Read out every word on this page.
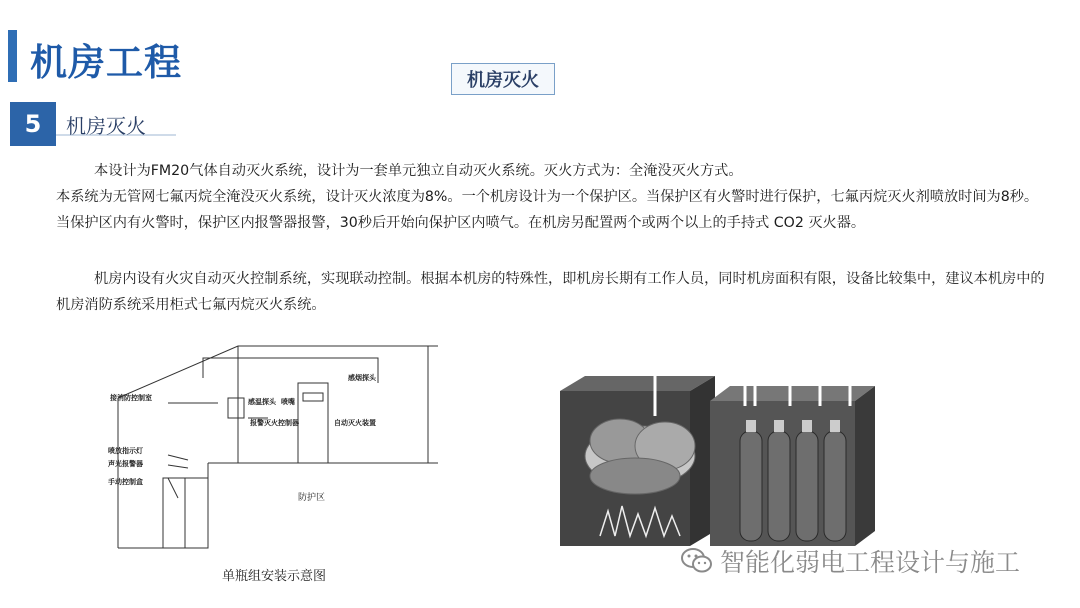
机房工程	机房灭火
5	机房灭火

本设计为FM20气体自动灭火系统，设计为一套单元独立自动灭火系统。灭火方式为：全淹没灭火方式。

本系统为无管网七氟丙烷全淹没灭火系统，设计灭火浓度为8%。一个机房设计为一个保护区。当保护区有火警时进行保护，七氟丙烷灭火剂喷放时间为8秒。当保护区内有火警时，保护区内报警器报警，30秒后开始向保护区内喷气。在机房另配置两个或两个以上的手持式 CO2 灭火器。

机房内设有火灾自动灭火控制系统，实现联动控制。根据本机房的特殊性，即机房长期有工作人员，同时机房面积有限，设备比较集中，建议本机房中的机房消防系统采用柜式七氟丙烷灭火系统。

接消防控制室	感温探头 喷嘴
感烟探头
报警灭火控制器	自动灭火装置
喷放指示灯
声光报警器
手动控制盒
防护区
单瓶组安装示意图	智能化弱电工程设计与施工
